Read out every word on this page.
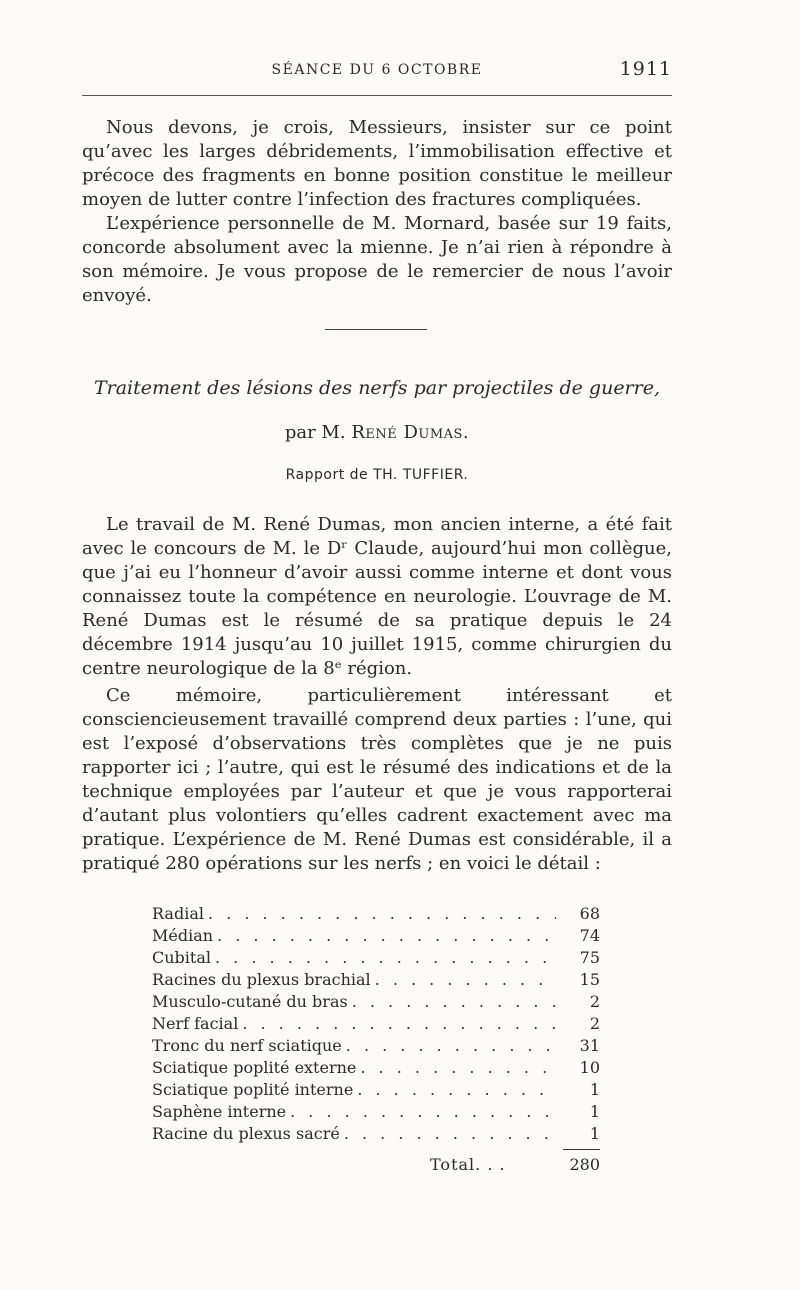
SÉANCE DU 6 OCTOBRE	1911

Nous devons, je crois, Messieurs, insister sur ce point qu’avec les larges débridements, l’immobilisation effective et précoce des fragments en bonne position constitue le meilleur moyen de lutter contre l’infection des fractures compliquées.

L’expérience personnelle de M. Mornard, basée sur 19 faits, concorde absolument avec la mienne. Je n’ai rien à répondre à son mémoire. Je vous propose de le remercier de nous l’avoir envoyé.

Traitement des lésions des nerfs par projectiles de guerre,
par M. René Dumas.
Rapport de TH. TUFFIER.

Le travail de M. René Dumas, mon ancien interne, a été fait avec le concours de M. le Dʳ Claude, aujourd’hui mon collègue, que j’ai eu l’honneur d’avoir aussi comme interne et dont vous connaissez toute la compétence en neurologie. L’ouvrage de M. René Dumas est le résumé de sa pratique depuis le 24 décembre 1914 jusqu’au 10 juillet 1915, comme chirurgien du centre neurologique de la 8ᵉ région.

Ce mémoire, particulièrement intéressant et consciencieusement travaillé comprend deux parties : l’une, qui est l’exposé d’observations très complètes que je ne puis rapporter ici ; l’autre, qui est le résumé des indications et de la technique employées par l’auteur et que je vous rapporterai d’autant plus volontiers qu’elles cadrent exactement avec ma pratique. L’expérience de M. René Dumas est considérable, il a pratiqué 280 opérations sur les nerfs ; en voici le détail :

Radial . . .	68
Médian . . .	74
Cubital . . .	75
Racines du plexus brachial . . .	15
Musculo-cutané du bras . . .	2
Nerf facial . . .	2
Tronc du nerf sciatique . . .	31
Sciatique poplité externe . . .	10
Sciatique poplité interne . . .	1
Saphène interne . . .	1
Racine du plexus sacré . . .	1
Total. . .	280
